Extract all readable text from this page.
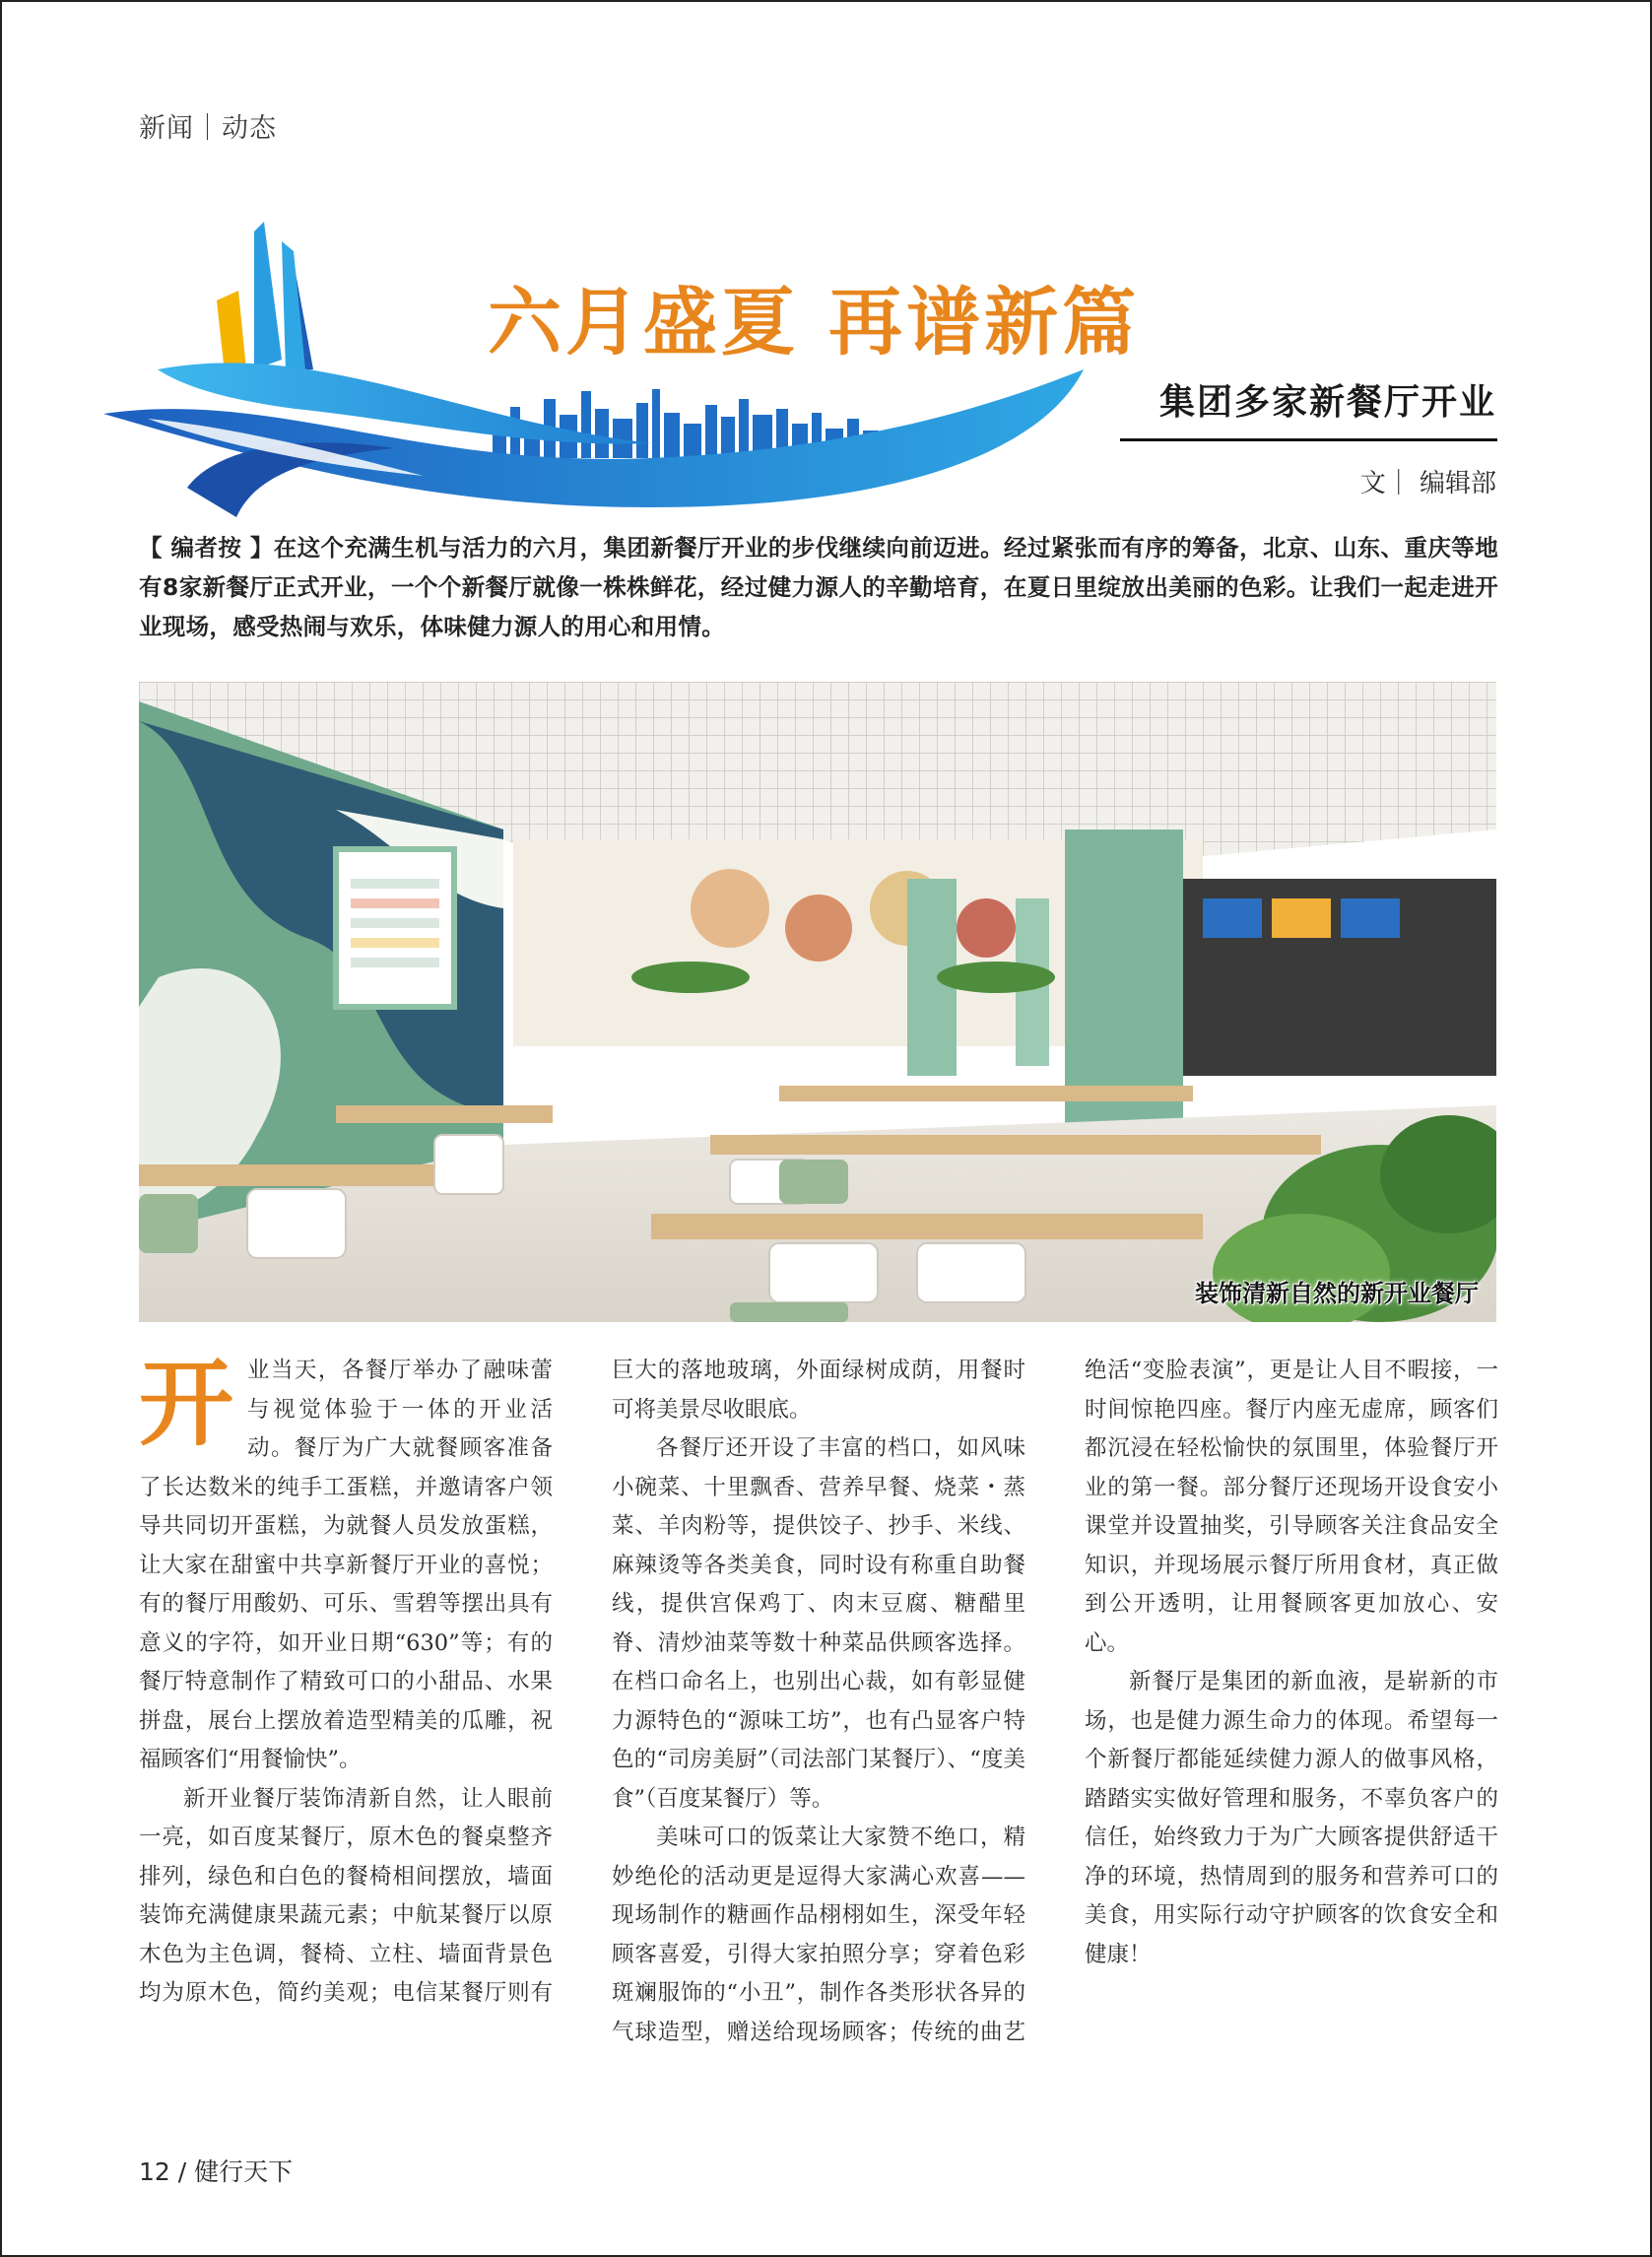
新闻｜动态
六月盛夏 再谱新篇
集团多家新餐厅开业
文｜ 编辑部

【 编者按 】在这个充满生机与活力的六月，集团新餐厅开业的步伐继续向前迈进。经过紧张而有序的筹备，北京、山东、重庆等地有8家新餐厅正式开业，一个个新餐厅就像一株株鲜花，经过健力源人的辛勤培育，在夏日里绽放出美丽的色彩。让我们一起走进开业现场，感受热闹与欢乐，体味健力源人的用心和用情。

装饰清新自然的新开业餐厅

开业当天，各餐厅举办了融味蕾与视觉体验于一体的开业活动。餐厅为广大就餐顾客准备了长达数米的纯手工蛋糕，并邀请客户领导共同切开蛋糕，为就餐人员发放蛋糕，让大家在甜蜜中共享新餐厅开业的喜悦；有的餐厅用酸奶、可乐、雪碧等摆出具有意义的字符，如开业日期“630”等；有的餐厅特意制作了精致可口的小甜品、水果拼盘，展台上摆放着造型精美的瓜雕，祝福顾客们“用餐愉快”。

新开业餐厅装饰清新自然，让人眼前一亮，如百度某餐厅，原木色的餐桌整齐排列，绿色和白色的餐椅相间摆放，墙面装饰充满健康果蔬元素；中航某餐厅以原木色为主色调，餐椅、立柱、墙面背景色均为原木色，简约美观；电信某餐厅则有巨大的落地玻璃，外面绿树成荫，用餐时可将美景尽收眼底。

各餐厅还开设了丰富的档口，如风味小碗菜、十里飘香、营养早餐、烧菜・蒸菜、羊肉粉等，提供饺子、抄手、米线、麻辣烫等各类美食，同时设有称重自助餐线，提供宫保鸡丁、肉末豆腐、糖醋里脊、清炒油菜等数十种菜品供顾客选择。在档口命名上，也别出心裁，如有彰显健力源特色的“源味工坊”，也有凸显客户特色的“司房美厨”（司法部门某餐厅）、“度美食”（百度某餐厅）等。

美味可口的饭菜让大家赞不绝口，精妙绝伦的活动更是逗得大家满心欢喜——现场制作的糖画作品栩栩如生，深受年轻顾客喜爱，引得大家拍照分享；穿着色彩斑斓服饰的“小丑”，制作各类形状各异的气球造型，赠送给现场顾客；传统的曲艺绝活“变脸表演”，更是让人目不暇接，一时间惊艳四座。餐厅内座无虚席，顾客们都沉浸在轻松愉快的氛围里，体验餐厅开业的第一餐。部分餐厅还现场开设食安小课堂并设置抽奖，引导顾客关注食品安全知识，并现场展示餐厅所用食材，真正做到公开透明，让用餐顾客更加放心、安心。

新餐厅是集团的新血液，是崭新的市场，也是健力源生命力的体现。希望每一个新餐厅都能延续健力源人的做事风格，踏踏实实做好管理和服务，不辜负客户的信任，始终致力于为广大顾客提供舒适干净的环境，热情周到的服务和营养可口的美食，用实际行动守护顾客的饮食安全和健康！

12 / 健行天下
